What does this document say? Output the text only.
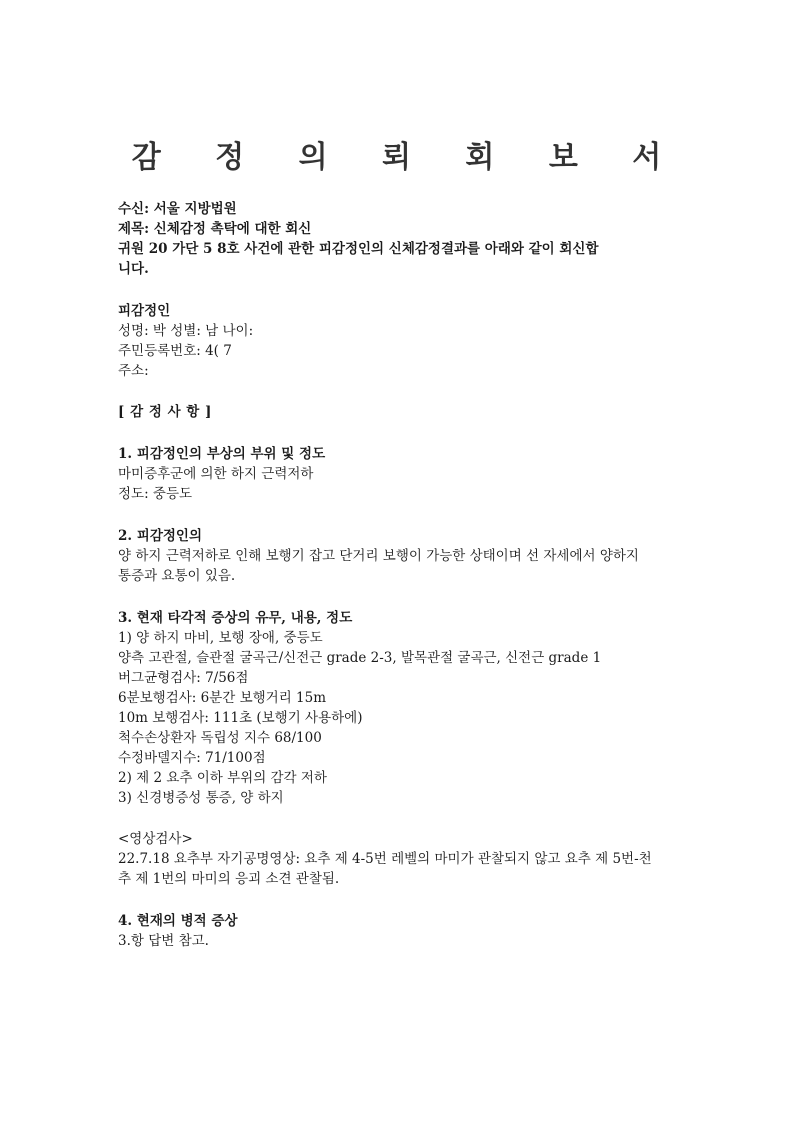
감 정 의 뢰 회 보 서
수신: 서울 지방법원
제목: 신체감정 촉탁에 대한 회신
귀원 20 가단 5 8호 사건에 관한 피감정인의 신체감정결과를 아래와 같이 회신합
니다.
피감정인
성명: 박 성별: 남 나이:
주민등록번호: 4( 7
주소:
[ 감 정 사 항 ]
1. 피감정인의 부상의 부위 및 정도
마미증후군에 의한 하지 근력저하
정도: 중등도
2. 피감정인의
양 하지 근력저하로 인해 보행기 잡고 단거리 보행이 가능한 상태이며 선 자세에서 양하지
통증과 요통이 있음.
3. 현재 타각적 증상의 유무, 내용, 정도
1) 양 하지 마비, 보행 장애, 중등도
양측 고관절, 슬관절 굴곡근/신전근 grade 2-3, 발목관절 굴곡근, 신전근 grade 1
버그균형검사: 7/56점
6분보행검사: 6분간 보행거리 15m
10m 보행검사: 111초 (보행기 사용하에)
척수손상환자 독립성 지수 68/100
수정바델지수: 71/100점
2) 제 2 요추 이하 부위의 감각 저하
3) 신경병증성 통증, 양 하지
<영상검사>
22.7.18 요추부 자기공명영상: 요추 제 4-5번 레벨의 마미가 관찰되지 않고 요추 제 5번-천
추 제 1번의 마미의 응괴 소견 관찰됨.
4. 현재의 병적 증상
3.항 답변 참고.
